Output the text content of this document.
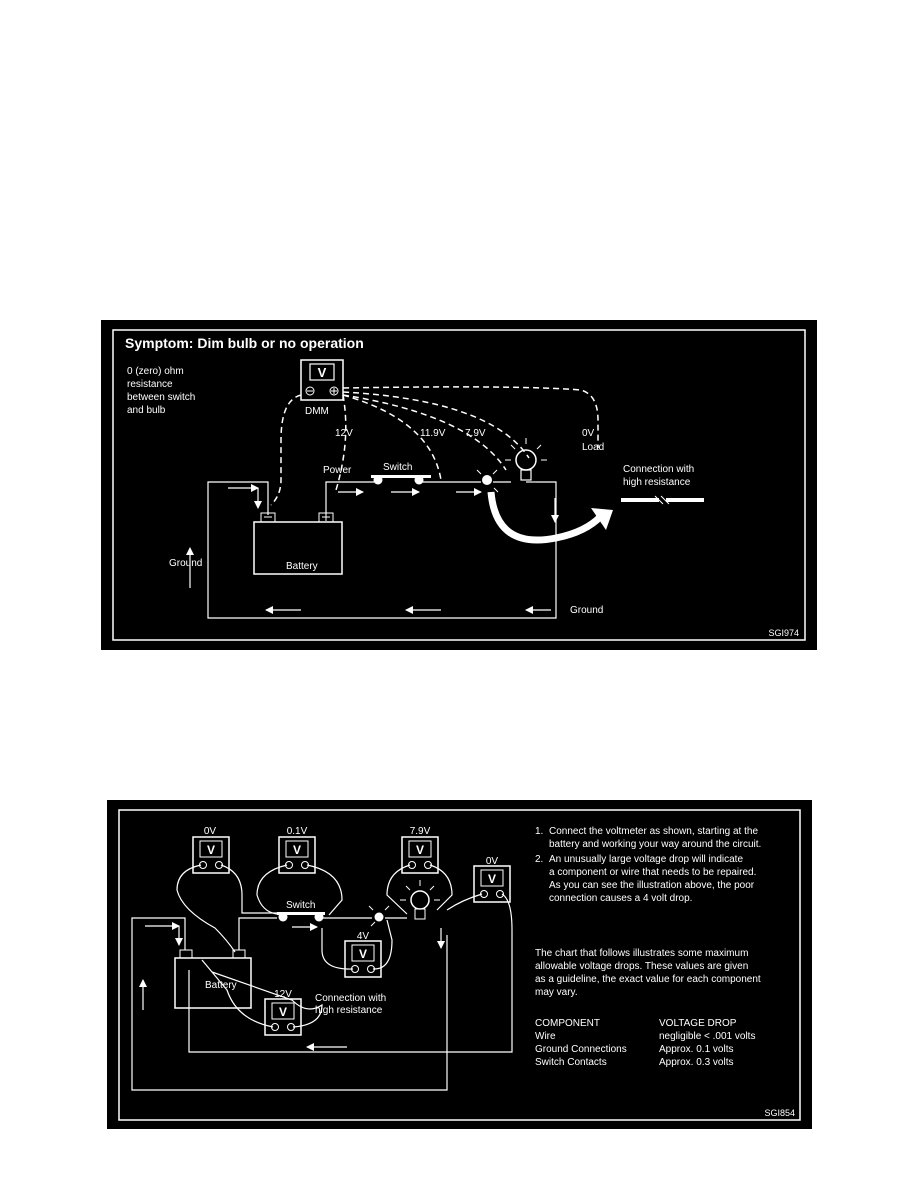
Symptom: Dim bulb or no operation
0 (zero) ohm
resistance
between switch
and bulb
V
DMM
Battery
12V	11.9V 7.9V	0V
Load
Power	Switch
Ground
Ground
Connection with
high resistance
SGI974
0V	0.1V	7.9V
0V
4V
12V
V	V	V
V
V
V
Switch
Battery
Connection with
high resistance
1. Connect the voltmeter as shown, starting at the
battery and working your way around the circuit.
2. An unusually large voltage drop will indicate
a component or wire that needs to be repaired.
As you can see the illustration above, the poor
connection causes a 4 volt drop.
The chart that follows illustrates some maximum
allowable voltage drops. These values are given
as a guideline, the exact value for each component
may vary.
COMPONENT	VOLTAGE DROP
Wire	negligible < .001 volts
Ground Connections	Approx. 0.1 volts
Switch Contacts	Approx. 0.3 volts
SGI854
